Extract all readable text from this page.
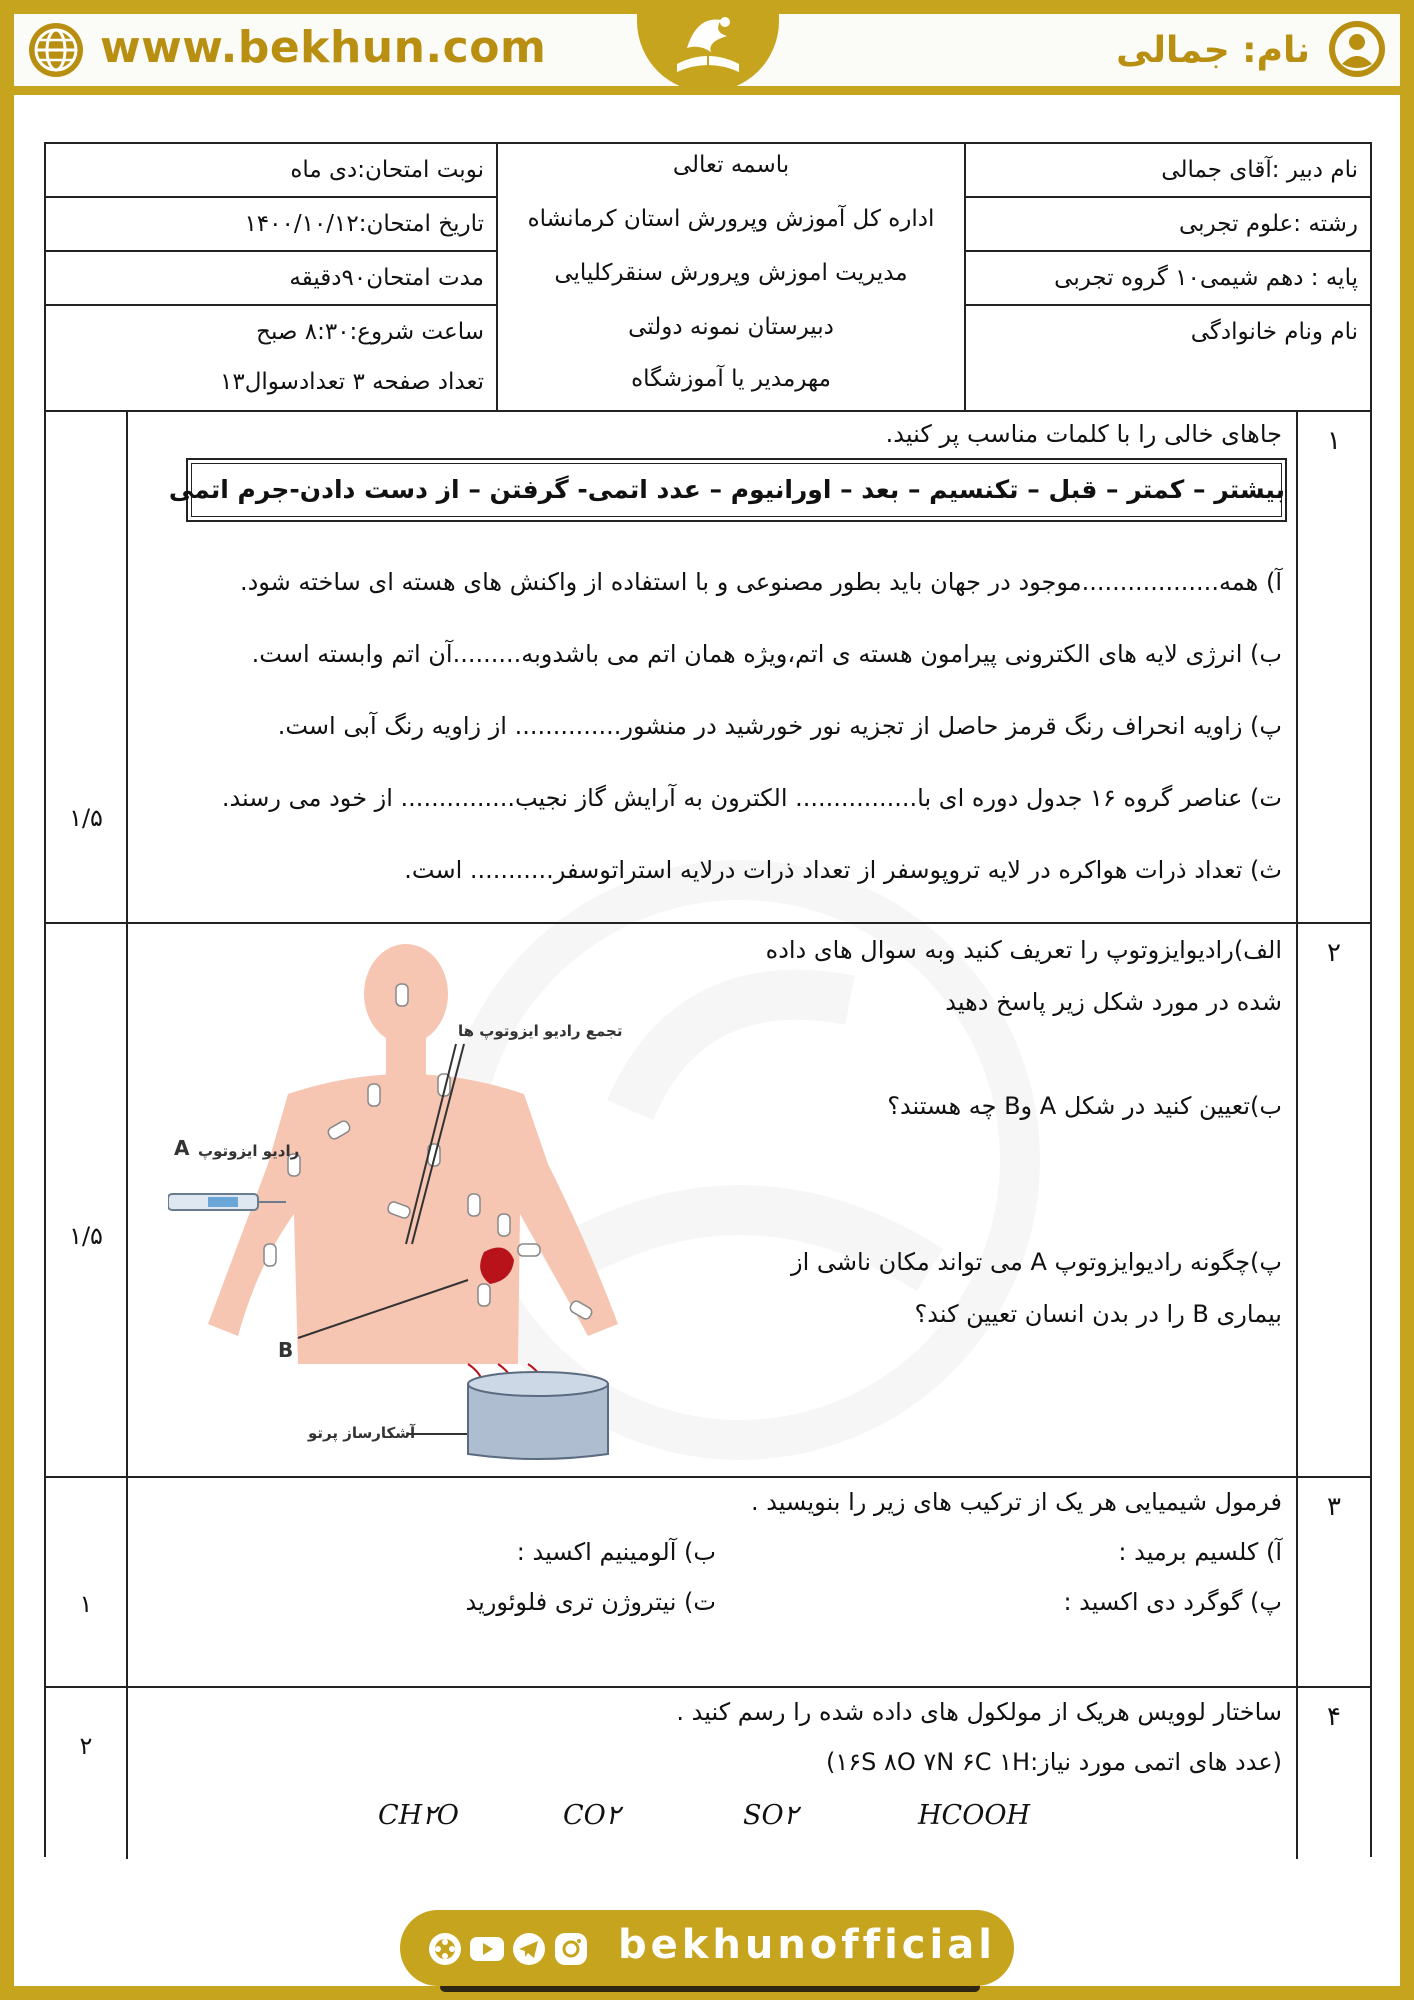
www.bekhun.com	نام: جمالی
نام دبیر :آقای جمالی
رشته :علوم تجربی
پایه : دهم شیمی۱۰ گروه تجربی
نام ونام خانوادگی
باسمه تعالی
اداره کل آموزش وپرورش استان کرمانشاه
مدیریت اموزش وپرورش سنقرکلیایی
دبیرستان نمونه دولتی
مهرمدیر یا آموزشگاه
نوبت امتحان:دی ماه
تاریخ امتحان:۱۴۰۰/۱۰/۱۲
مدت امتحان۹۰دقیقه
ساعت شروع:۸:۳۰ صبح
تعداد صفحه ۳ تعدادسوال۱۳
۱
۱/۵
جاهای خالی را با کلمات مناسب پر کنید.
بیشتر – کمتر – قبل – تکنسیم – بعد – اورانیوم – عدد اتمی- گرفتن – از دست دادن-جرم اتمی
آ) همه..................موجود در جهان باید بطور مصنوعی و با استفاده از واکنش های هسته ای ساخته شود.
ب) انرژی لایه های الکترونی پیرامون هسته ی اتم،ویژه همان اتم می باشدوبه.........آن اتم وابسته است.
پ) زاویه انحراف رنگ قرمز حاصل از تجزیه نور خورشید در منشور.............. از زاویه رنگ آبی است.
ت) عناصر گروه ۱۶ جدول دوره ای با................ الکترون به آرایش گاز نجیب............... از خود می رسند.
ث) تعداد ذرات هواکره در لایه تروپوسفر از تعداد ذرات درلایه استراتوسفر........... است.
۲
۱/۵
الف)رادیوایزوتوپ را تعریف کنید وبه سوال های داده
شده در مورد شکل زیر پاسخ دهید
ب)تعیین کنید در شکل A وB چه هستند؟
پ)چگونه رادیوایزوتوپ A می تواند مکان ناشی از
بیماری B را در بدن انسان تعیین کند؟
تجمع رادیو ایزوتوپ ها
رادیو ایزوتوپ
A
B
آشکارساز پرتو
۳
۱
فرمول شیمیایی هر یک از ترکیب های زیر را بنویسید .
آ) کلسیم برمید :
ب) آلومینیم اکسید :
پ) گوگرد دی اکسید :
ت) نیتروژن تری فلوئورید
۴
۲
ساختار لوویس هریک از مولکول های داده شده را رسم کنید .
(عدد های اتمی مورد نیاز:۱۶S ۸O ۷N ۶C ۱H)
HCOOH
SO۲
CO۲
CH۲O
bekhunofficial
